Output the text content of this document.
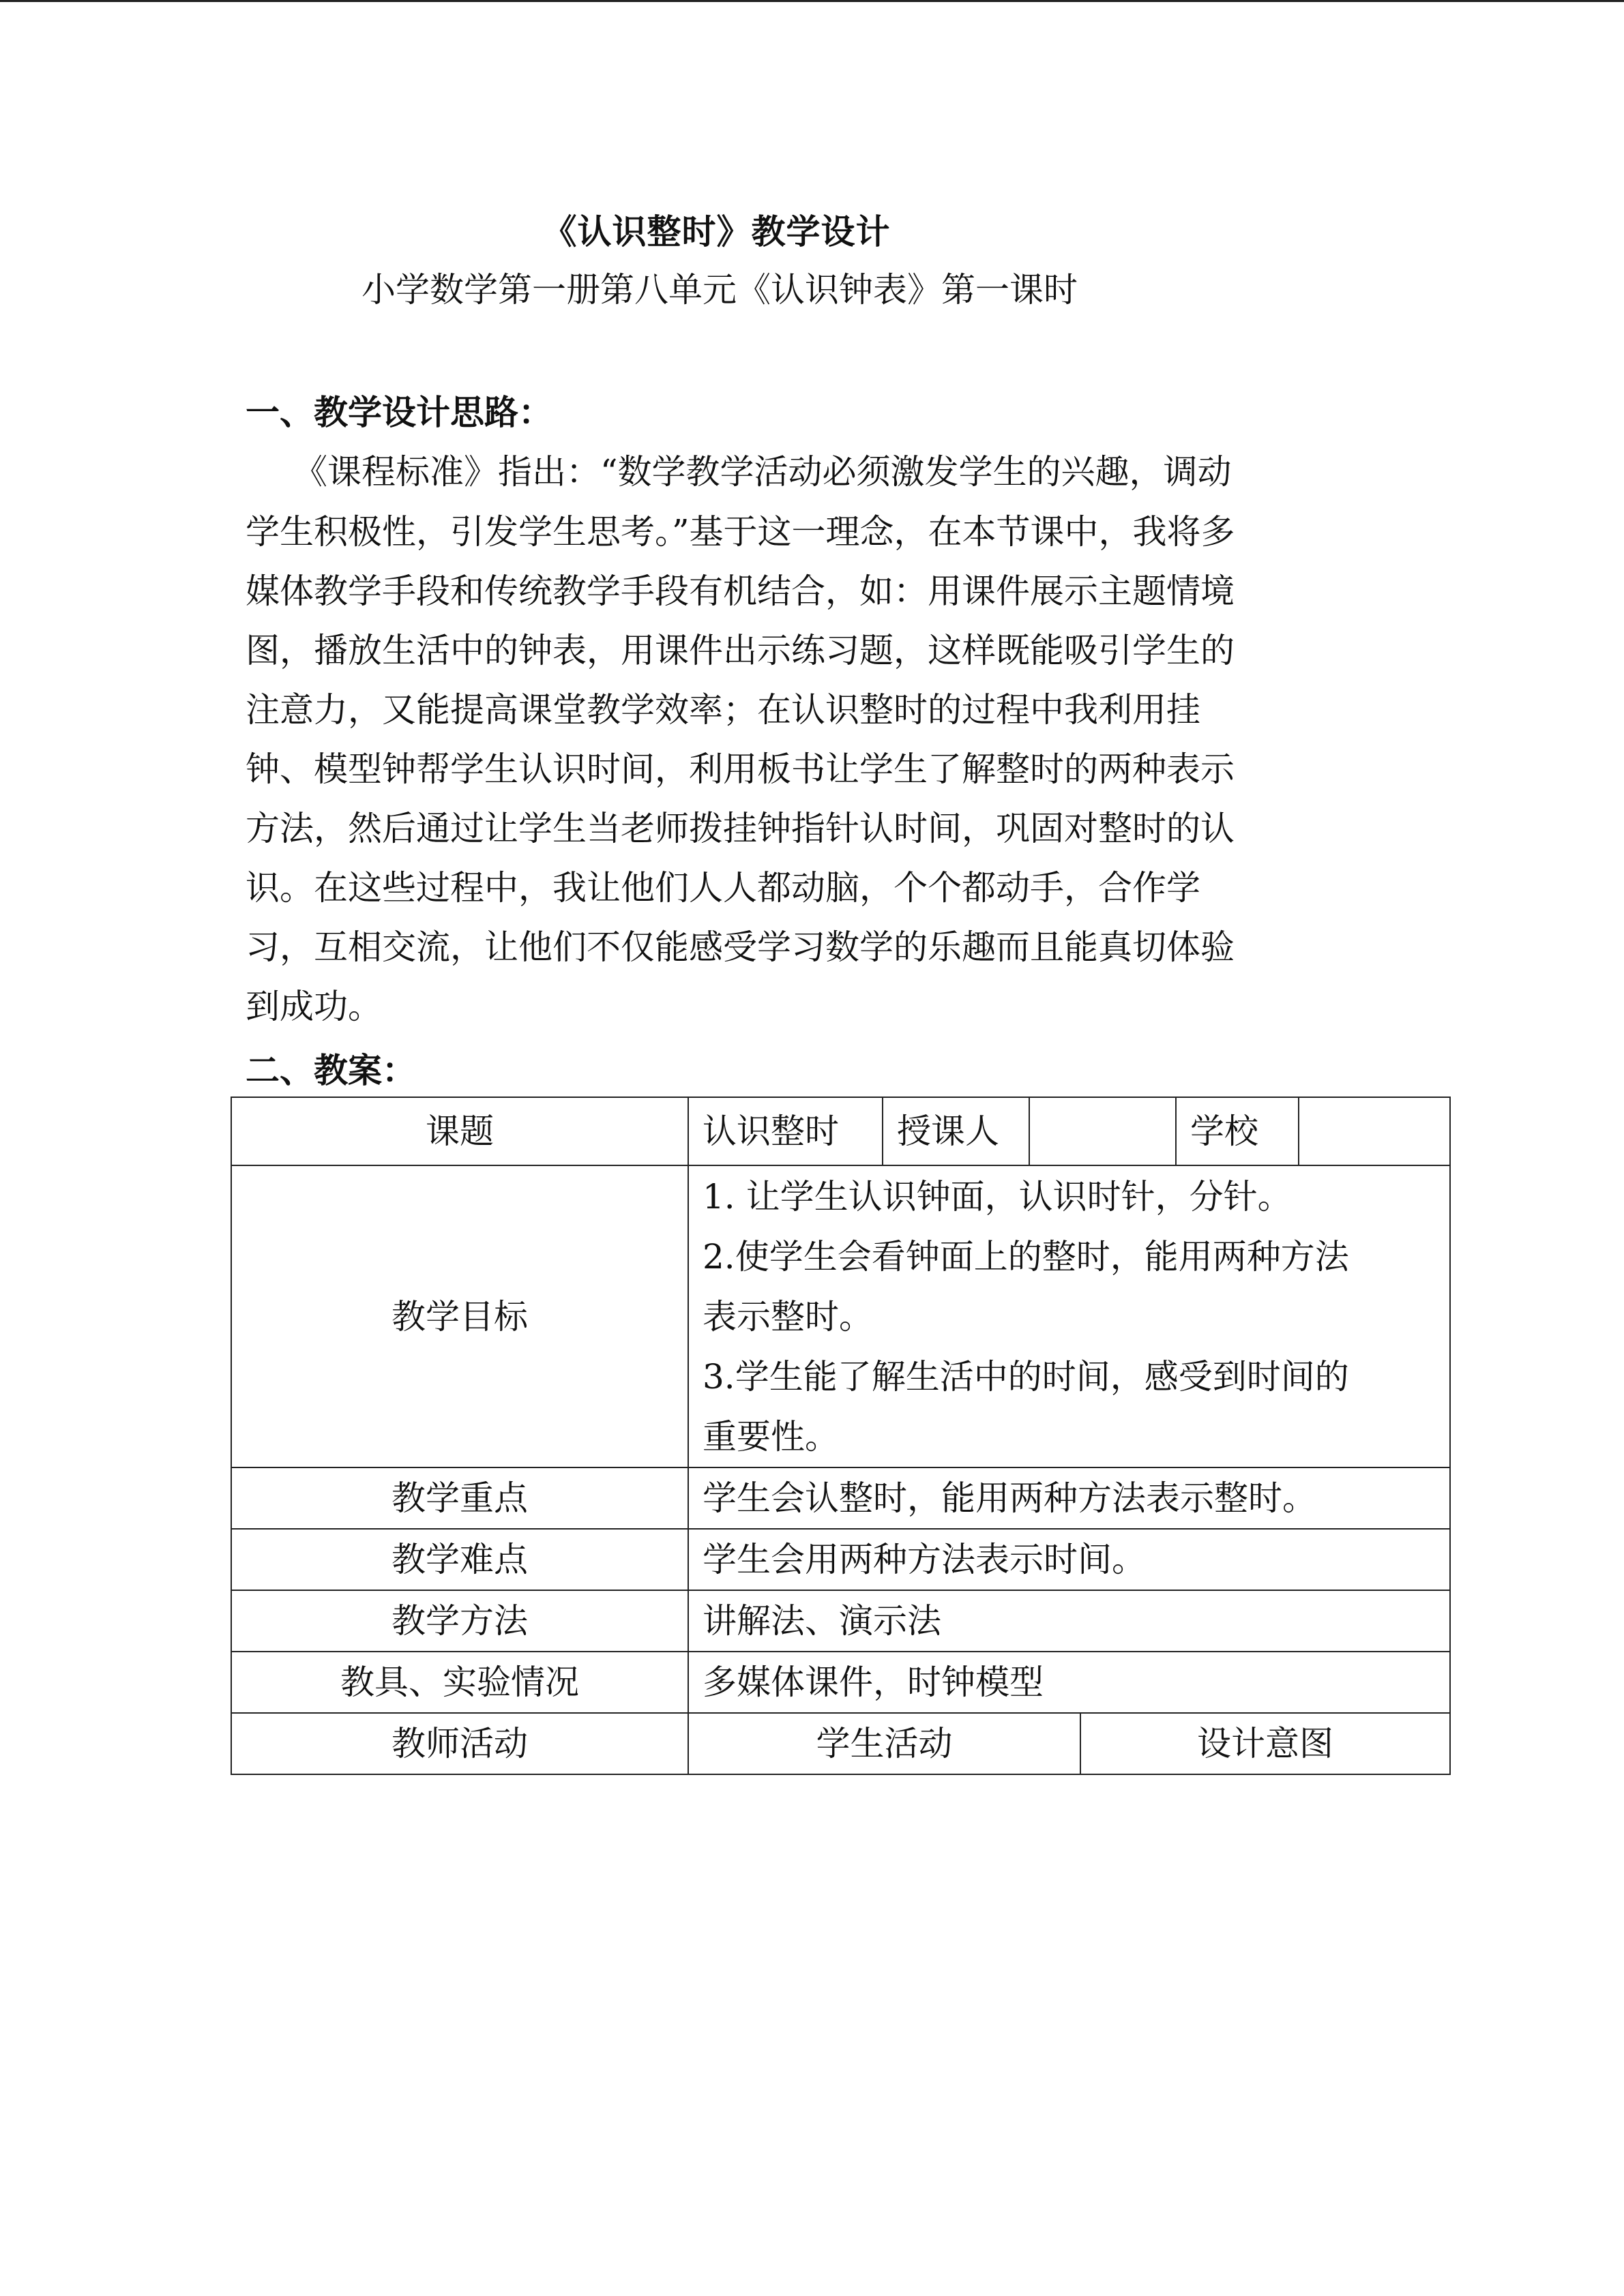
《认识整时》教学设计
小学数学第一册第八单元《认识钟表》第一课时
一、教学设计思路：
《课程标准》指出：“数学教学活动必须激发学生的兴趣，调动
学生积极性，引发学生思考。”基于这一理念，在本节课中，我将多
媒体教学手段和传统教学手段有机结合，如：用课件展示主题情境
图，播放生活中的钟表，用课件出示练习题，这样既能吸引学生的
注意力，又能提高课堂教学效率；在认识整时的过程中我利用挂
钟、模型钟帮学生认识时间，利用板书让学生了解整时的两种表示
方法，然后通过让学生当老师拨挂钟指针认时间，巩固对整时的认
识。在这些过程中，我让他们人人都动脑，个个都动手，合作学
习，互相交流，让他们不仅能感受学习数学的乐趣而且能真切体验
到成功。
二、教案：
课题	认识整时	授课人			学校	
教学目标	1. 让学生认识钟面，认识时针，分针。
2.使学生会看钟面上的整时，能用两种方法
表示整时。
3.学生能了解生活中的时间，感受到时间的
重要性。					

教学重点	学生会认整时，能用两种方法表示整时。					
教学难点	学生会用两种方法表示时间。					
教学方法	讲解法、演示法					
教具、实验情况	多媒体课件，时钟模型					
教师活动	学生活动			设计意图		
